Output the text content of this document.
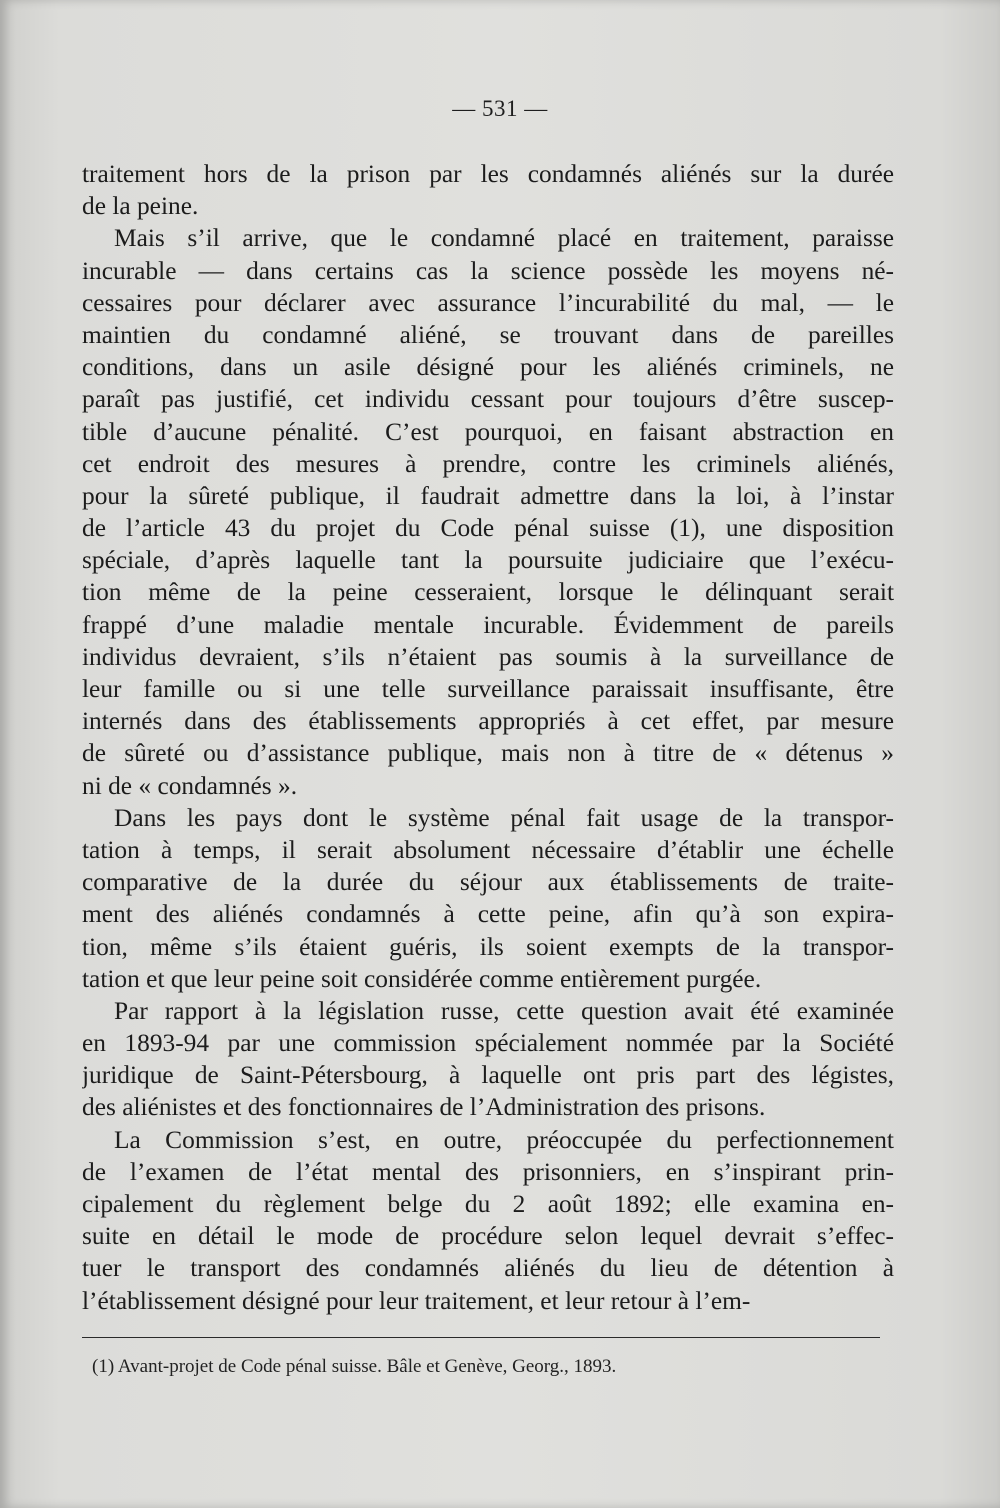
— 531 —
traitement hors de la prison par les condamnés aliénés sur la durée
de la peine.
Mais s’il arrive, que le condamné placé en traitement, paraisse
incurable — dans certains cas la science possède les moyens né-
cessaires pour déclarer avec assurance l’incurabilité du mal, — le
maintien du condamné aliéné, se trouvant dans de pareilles
conditions, dans un asile désigné pour les aliénés criminels, ne
paraît pas justifié, cet individu cessant pour toujours d’être suscep-
tible d’aucune pénalité. C’est pourquoi, en faisant abstraction en
cet endroit des mesures à prendre, contre les criminels aliénés,
pour la sûreté publique, il faudrait admettre dans la loi, à l’instar
de l’article 43 du projet du Code pénal suisse (1), une disposition
spéciale, d’après laquelle tant la poursuite judiciaire que l’exécu-
tion même de la peine cesseraient, lorsque le délinquant serait
frappé d’une maladie mentale incurable. Évidemment de pareils
individus devraient, s’ils n’étaient pas soumis à la surveillance de
leur famille ou si une telle surveillance paraissait insuffisante, être
internés dans des établissements appropriés à cet effet, par mesure
de sûreté ou d’assistance publique, mais non à titre de « détenus »
ni de « condamnés ».
Dans les pays dont le système pénal fait usage de la transpor-
tation à temps, il serait absolument nécessaire d’établir une échelle
comparative de la durée du séjour aux établissements de traite-
ment des aliénés condamnés à cette peine, afin qu’à son expira-
tion, même s’ils étaient guéris, ils soient exempts de la transpor-
tation et que leur peine soit considérée comme entièrement purgée.
Par rapport à la législation russe, cette question avait été examinée
en 1893-94 par une commission spécialement nommée par la Société
juridique de Saint-Pétersbourg, à laquelle ont pris part des légistes,
des aliénistes et des fonctionnaires de l’Administration des prisons.
La Commission s’est, en outre, préoccupée du perfectionnement
de l’examen de l’état mental des prisonniers, en s’inspirant prin-
cipalement du règlement belge du 2 août 1892; elle examina en-
suite en détail le mode de procédure selon lequel devrait s’effec-
tuer le transport des condamnés aliénés du lieu de détention à
l’établissement désigné pour leur traitement, et leur retour à l’em-
(1) Avant-projet de Code pénal suisse. Bâle et Genève, Georg., 1893.
